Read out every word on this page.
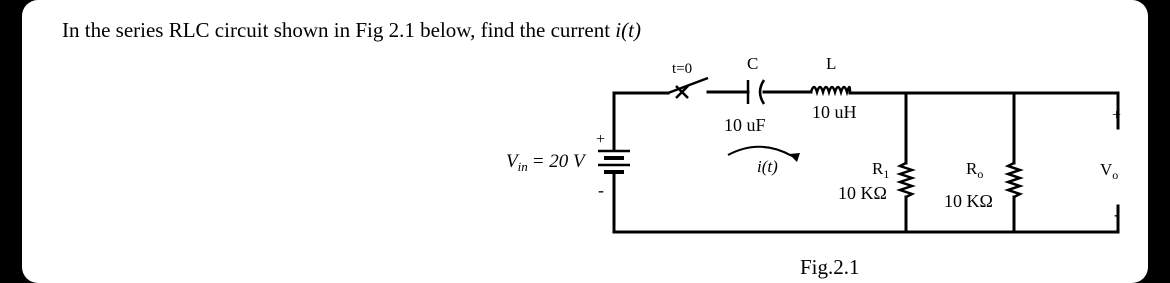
In the series RLC circuit shown in Fig 2.1 below, find the current i(t)
t=0	C
10 uF
L
10 uH
+
-
$V_{in} = 20$ V	i(t)	$R_1$
10 KΩ
$R_o$
10 KΩ
+
$V_o$
-
Fig.2.1
